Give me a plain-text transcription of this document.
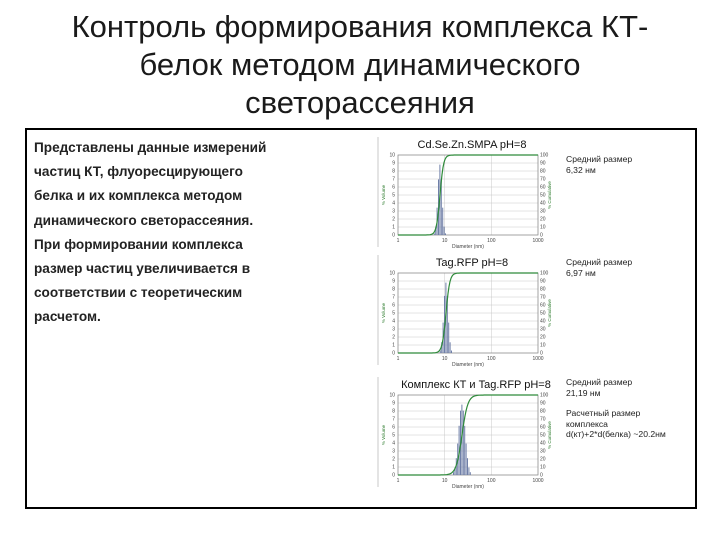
Контроль формирования комплекса КТ-
белок методом динамического
светорассеяния
Представлены данные измерений
частиц КТ, флуоресцирующего
белка и их комплекса методом
динамического светорассеяния.
При формировании комплекса
размер частиц увеличивается в
соответствии с теоретическим
расчетом.
Cd.Se.Zn.SMPA pH=8
10
9
8
7
6
5
4
3
2
1
0
100
90
80
70
60
50
40
30
20
10
0
1	10	100	1000
Diameter (nm)
% Volume	% Cumulative
Средний размер
6,32 нм
Tag.RFP pH=8
10
9
8
7
6
5
4
3
2
1
0
100
90
80
70
60
50
40
30
20
10
0
1	10	100	1000
Diameter (nm)
% Volume	% Cumulative
Средний размер
6,97 нм
Комплекс КТ и Tag.RFP pH=8
10
9
8
7
6
5
4
3
2
1
0
100
90
80
70
60
50
40
30
20
10
0
1	10	100	1000
Diameter (nm)
% Volume	% Cumulative
Средний размер
21,19 нм
Расчетный размер
комплекса
d(кт)+2*d(белка) ~20.2нм
